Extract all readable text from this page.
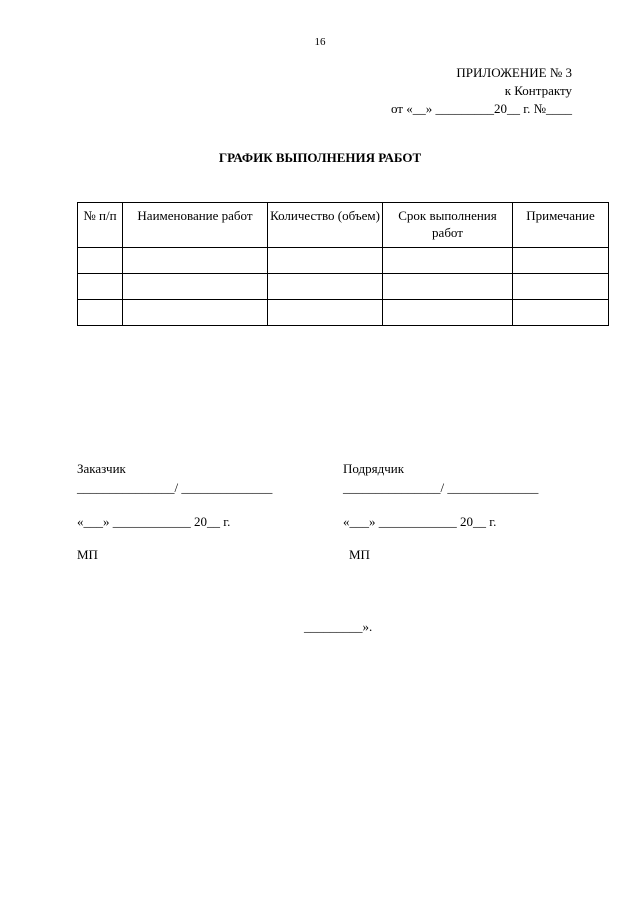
16
ПРИЛОЖЕНИЕ № 3
к Контракту
от «__» _________20__ г. №____
ГРАФИК ВЫПОЛНЕНИЯ РАБОТ
№ п/п	Наименование работ	Количество (объем)	Срок выполнения работ	Примечание

Заказчик
_______________/ ______________
«___» ____________ 20__ г.
МП
Подрядчик
_______________/ ______________
«___» ____________ 20__ г.
МП
_________».
